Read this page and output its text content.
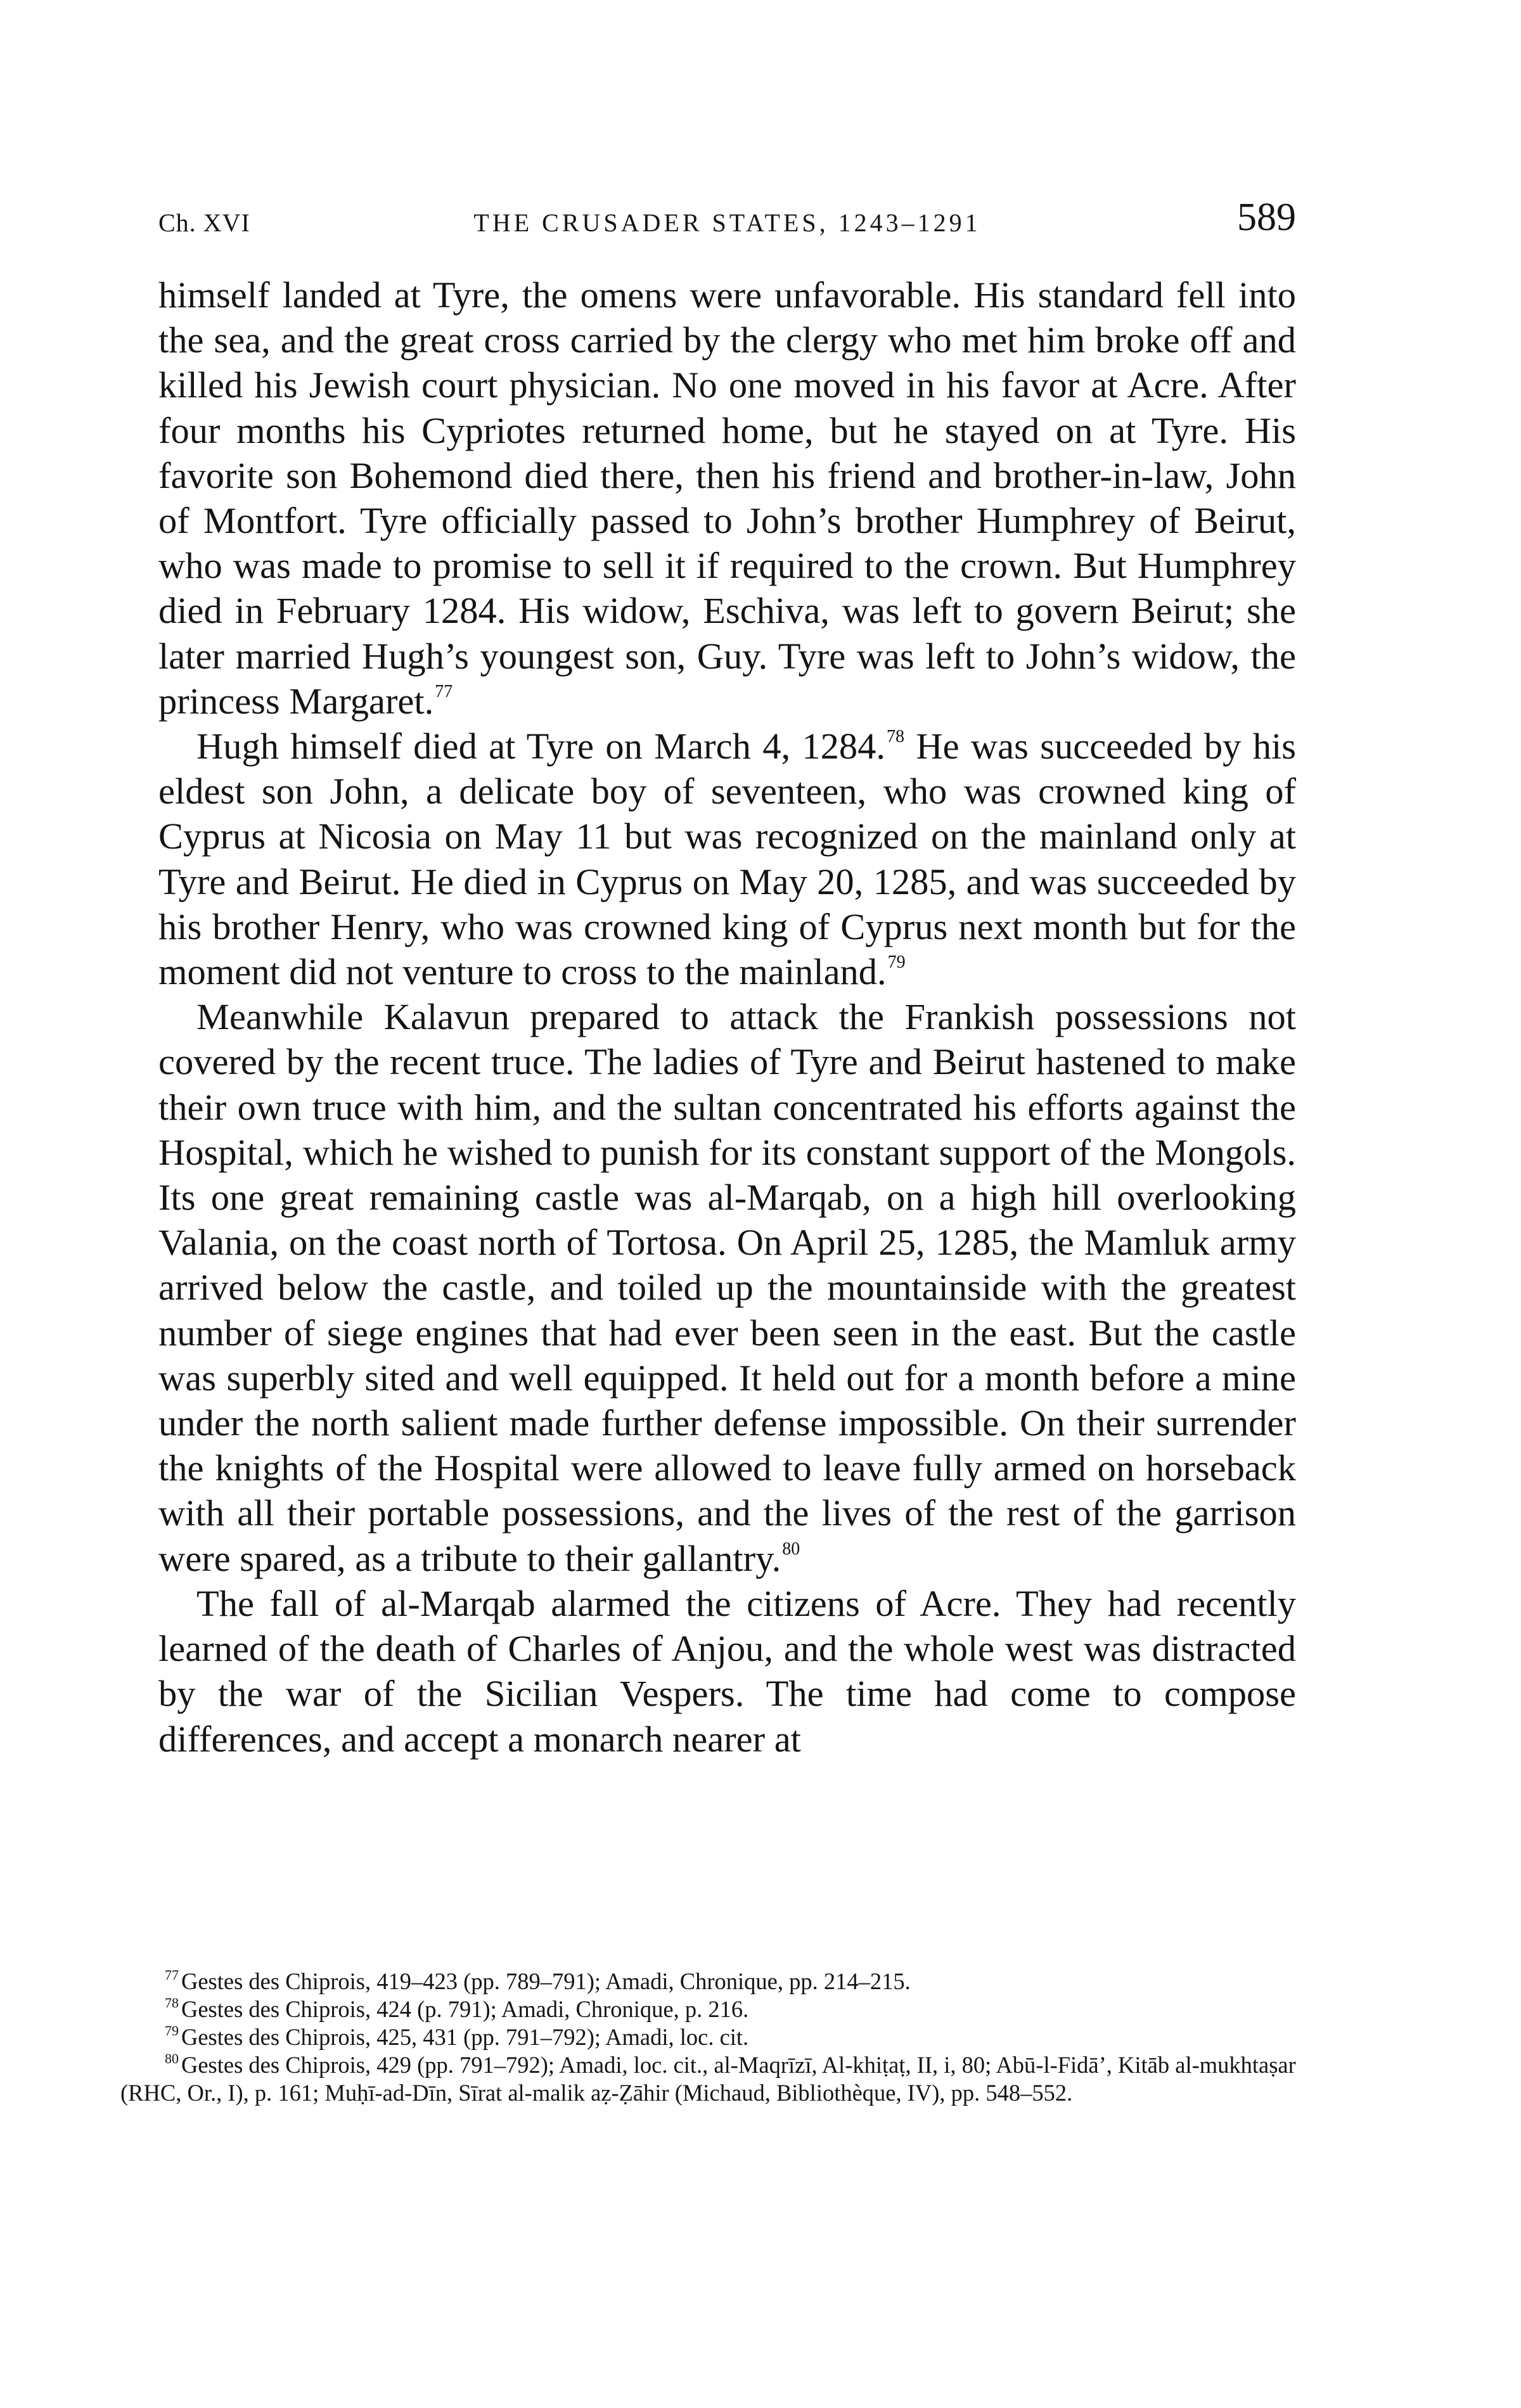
Ch. XVI	THE CRUSADER STATES, 1243–1291	589

himself landed at Tyre, the omens were unfavorable. His standard fell into the sea, and the great cross carried by the clergy who met him broke off and killed his Jewish court physician. No one moved in his favor at Acre. After four months his Cypriotes returned home, but he stayed on at Tyre. His favorite son Bohemond died there, then his friend and brother-in-law, John of Montfort. Tyre officially passed to John’s brother Humphrey of Beirut, who was made to promise to sell it if required to the crown. But Humphrey died in February 1284. His widow, Eschiva, was left to govern Beirut; she later married Hugh’s youngest son, Guy. Tyre was left to John’s widow, the princess Margaret.$^{77}$

Hugh himself died at Tyre on March 4, 1284.78 He was succeeded by his eldest son John, a delicate boy of seventeen, who was crowned king of Cyprus at Nicosia on May 11 but was recognized on the mainland only at Tyre and Beirut. He died in Cyprus on May 20, 1285, and was succeeded by his brother Henry, who was crowned king of Cyprus next month but for the moment did not venture to cross to the mainland.$^{79}$

Meanwhile Kalavun prepared to attack the Frankish possessions not covered by the recent truce. The ladies of Tyre and Beirut hastened to make their own truce with him, and the sultan concentrated his efforts against the Hospital, which he wished to punish for its constant support of the Mongols. Its one great remaining castle was al-Marqab, on a high hill overlooking Valania, on the coast north of Tortosa. On April 25, 1285, the Mamluk army arrived below the castle, and toiled up the mountainside with the greatest number of siege engines that had ever been seen in the east. But the castle was superbly sited and well equipped. It held out for a month before a mine under the north salient made further defense impossible. On their surrender the knights of the Hospital were allowed to leave fully armed on horseback with all their portable possessions, and the lives of the rest of the garrison were spared, as a tribute to their gallantry.$^{80}$

The fall of al-Marqab alarmed the citizens of Acre. They had recently learned of the death of Charles of Anjou, and the whole west was distracted by the war of the Sicilian Vespers. The time had come to compose differences, and accept a monarch nearer at

$^{77}$ Gestes des Chiprois, 419–423 (pp. 789–791); Amadi, Chronique, pp. 214–215.

$^{78}$ Gestes des Chiprois, 424 (p. 791); Amadi, Chronique, p. 216.

$^{79}$ Gestes des Chiprois, 425, 431 (pp. 791–792); Amadi, loc. cit.

$^{80}$ Gestes des Chiprois, 429 (pp. 791–792); Amadi, loc. cit., al-Maqrīzī, Al-khiṭaṭ, II, i, 80; Abū-l-Fidā’, Kitāb al-mukhtaṣar (RHC, Or., I), p. 161; Muḥī-ad-Dīn, Sīrat al-malik aẓ-Ẓāhir (Michaud, Bibliothèque, IV), pp. 548–552.
